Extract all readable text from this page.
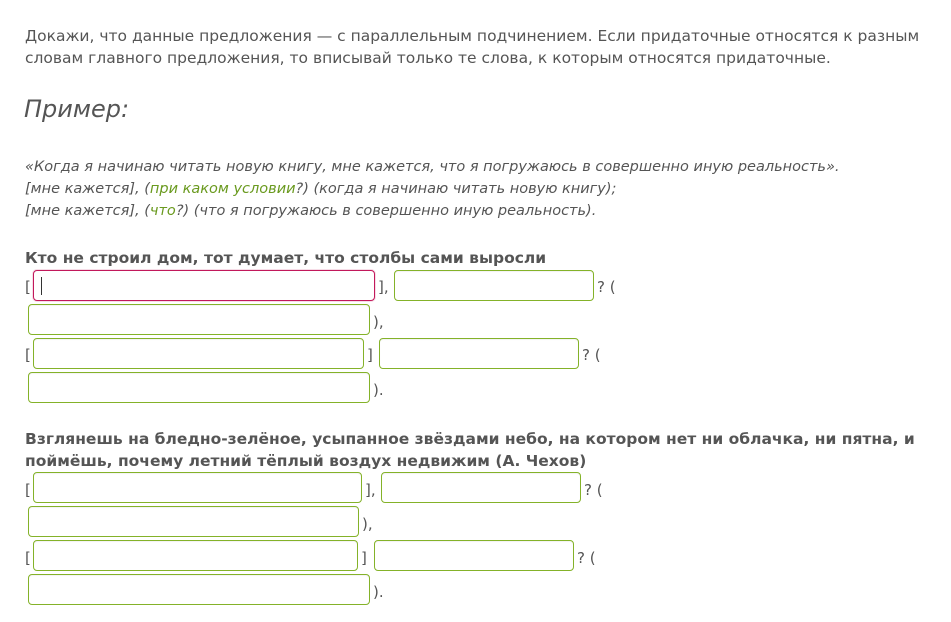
Докажи, что данные предложения — с параллельным подчинением. Если придаточные относятся к разным словам главного предложения, то вписывай только те слова, к которым относятся придаточные.
Пример:
«Когда я начинаю читать новую книгу, мне кажется, что я погружаюсь в совершенно иную реальность».
[мне кажется], (при каком условии?) (когда я начинаю читать новую книгу);
[мне кажется], (что?) (что я погружаюсь в совершенно иную реальность).
Кто не строил дом, тот думает, что столбы сами выросли
[	],	? (
),
[	]	? (
).
Взглянешь на бледно-зелёное, усыпанное звёздами небо, на котором нет ни облачка, ни пятна, и поймёшь, почему летний тёплый воздух недвижим (А. Чехов)
[	],	? (
),
[	]	? (
).
